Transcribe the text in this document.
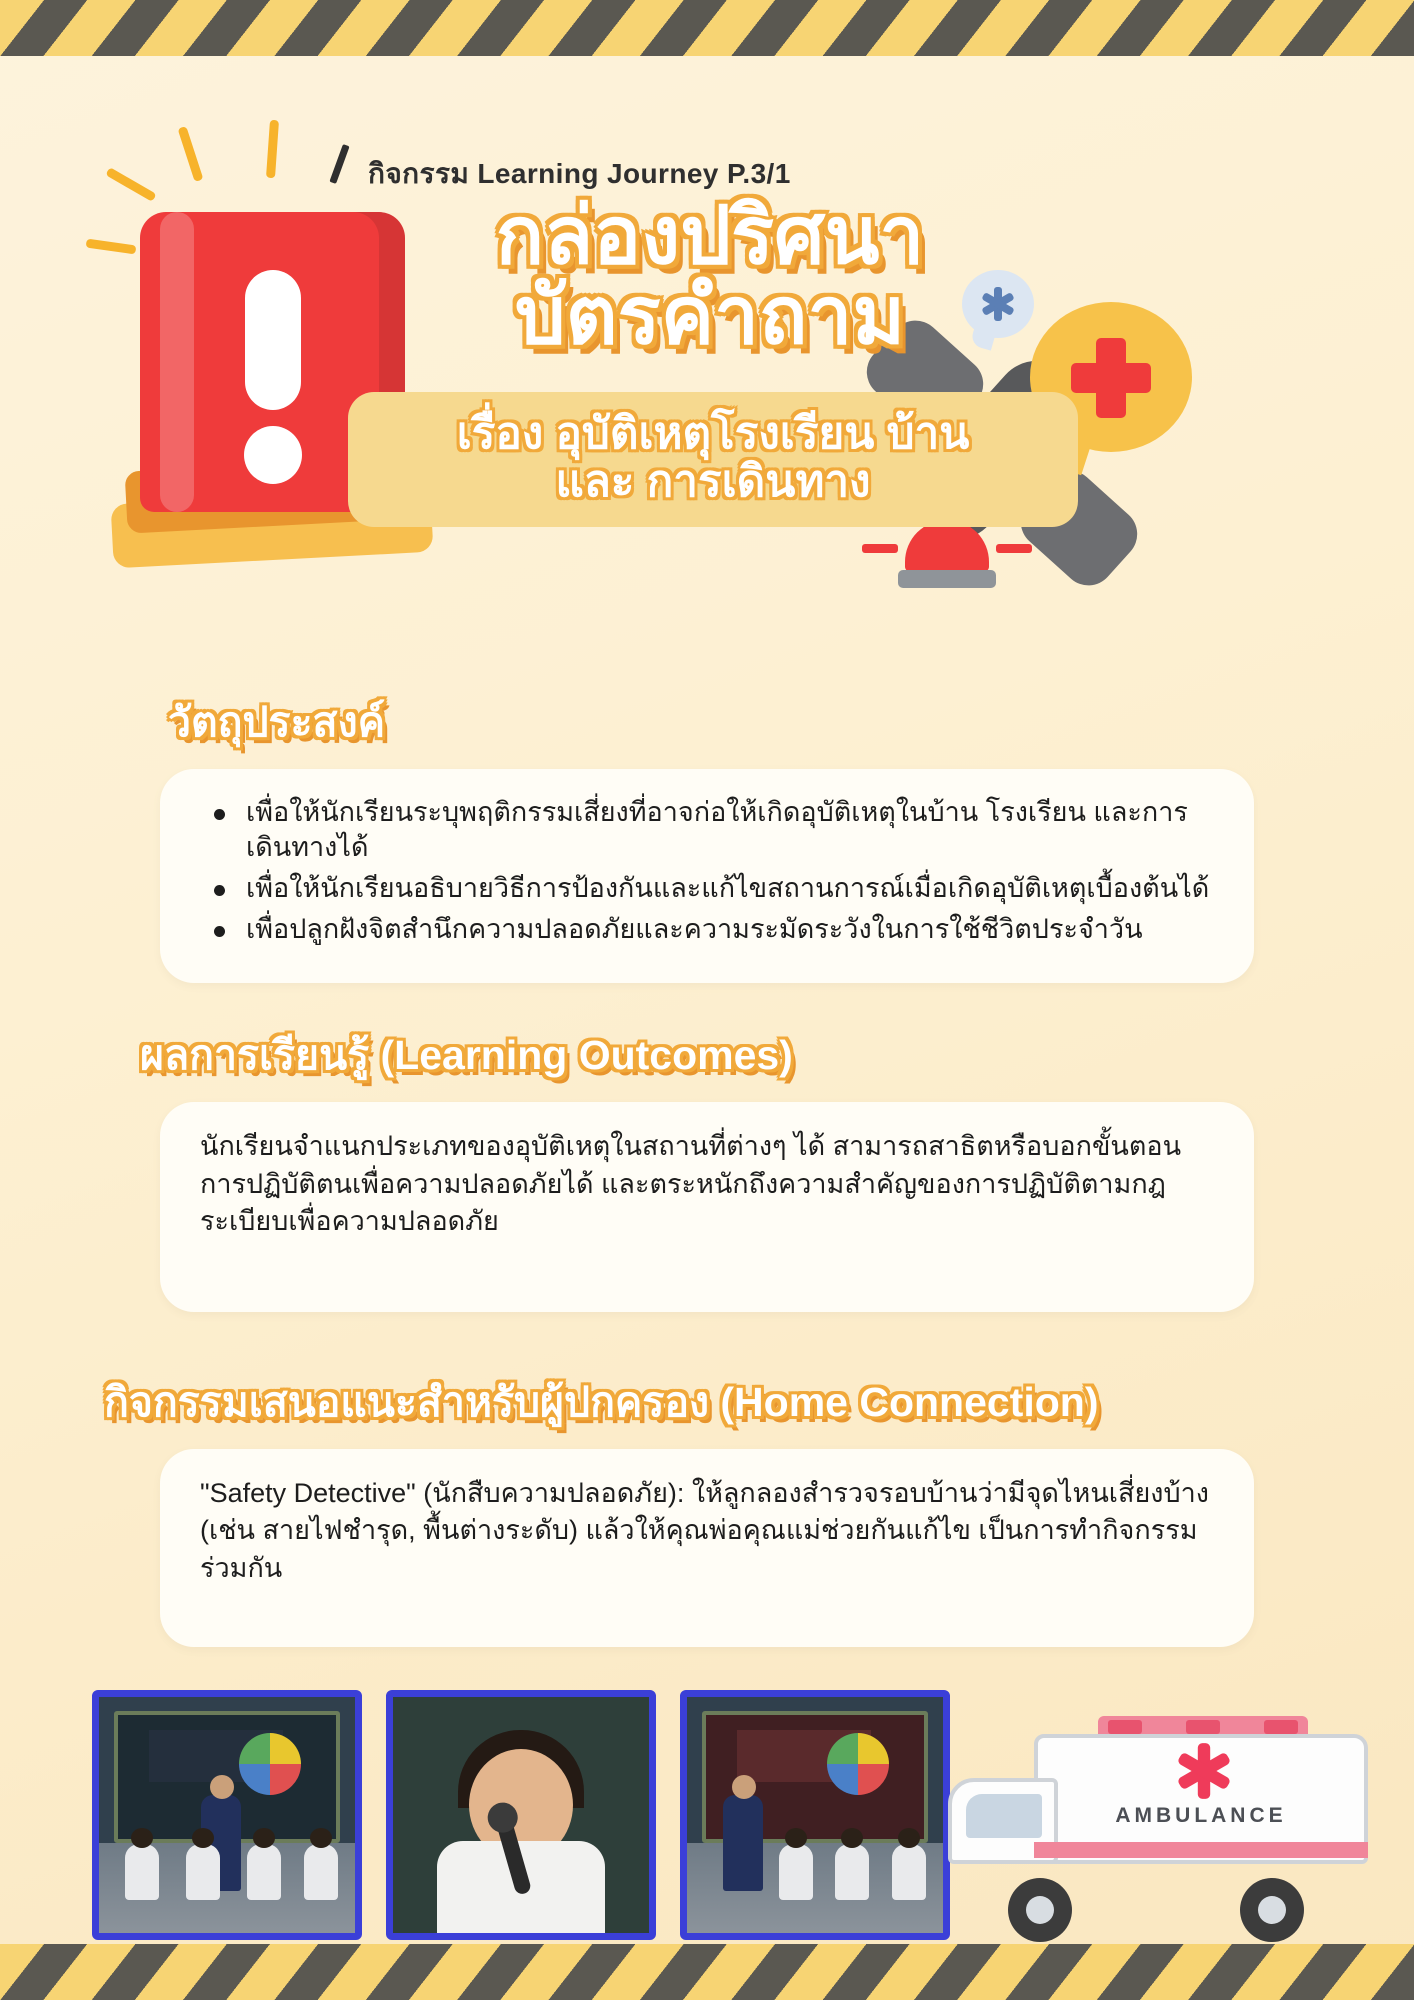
กิจกรรม Learning Journey P.3/1
กล่องปริศนา
บัตรคำถาม
เรื่อง อุบัติเหตุโรงเรียน บ้าน
และ การเดินทาง
วัตถุประสงค์
เพื่อให้นักเรียนระบุพฤติกรรมเสี่ยงที่อาจก่อให้เกิดอุบัติเหตุในบ้าน โรงเรียน และการเดินทางได้
เพื่อให้นักเรียนอธิบายวิธีการป้องกันและแก้ไขสถานการณ์เมื่อเกิดอุบัติเหตุเบื้องต้นได้
เพื่อปลูกฝังจิตสำนึกความปลอดภัยและความระมัดระวังในการใช้ชีวิตประจำวัน
ผลการเรียนรู้ (Learning Outcomes)

นักเรียนจำแนกประเภทของอุบัติเหตุในสถานที่ต่างๆ ได้ สามารถสาธิตหรือบอกขั้นตอนการปฏิบัติตนเพื่อความปลอดภัยได้ และตระหนักถึงความสำคัญของการปฏิบัติตามกฎระเบียบเพื่อความปลอดภัย

กิจกรรมเสนอแนะสำหรับผู้ปกครอง (Home Connection)

"Safety Detective" (นักสืบความปลอดภัย): ให้ลูกลองสำรวจรอบบ้านว่ามีจุดไหนเสี่ยงบ้าง (เช่น สายไฟชำรุด, พื้นต่างระดับ) แล้วให้คุณพ่อคุณแม่ช่วยกันแก้ไข เป็นการทำกิจกรรมร่วมกัน

AMBULANCE
